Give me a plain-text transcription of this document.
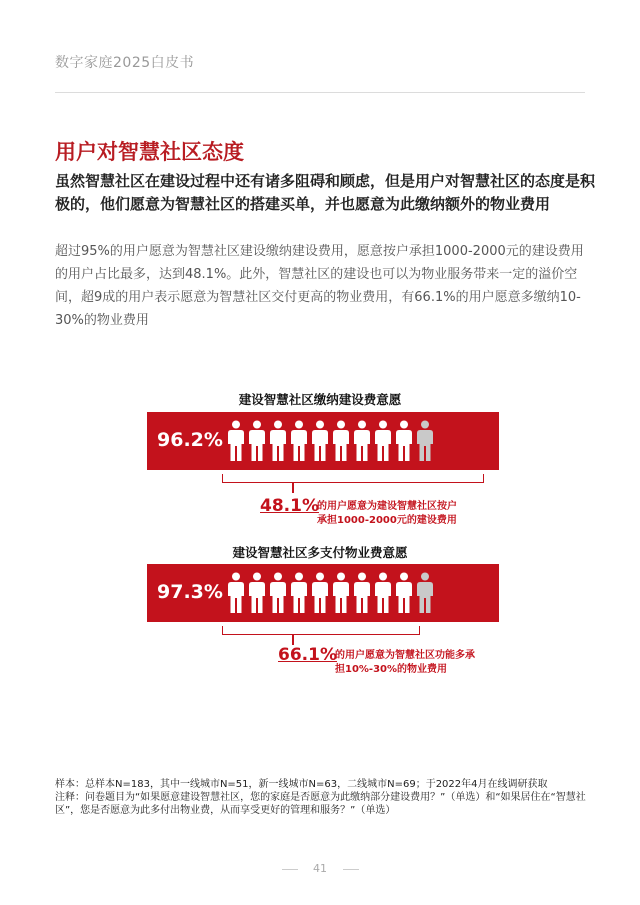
数字家庭2025白皮书
用户对智慧社区态度
虽然智慧社区在建设过程中还有诸多阻碍和顾虑，但是用户对智慧社区的态度是积极的，他们愿意为智慧社区的搭建买单，并也愿意为此缴纳额外的物业费用
超过95%的用户愿意为智慧社区建设缴纳建设费用，愿意按户承担1000-2000元的建设费用的用户占比最多，达到48.1%。此外，智慧社区的建设也可以为物业服务带来一定的溢价空间，超9成的用户表示愿意为智慧社区交付更高的物业费用，有66.1%的用户愿意多缴纳10-30%的物业费用
建设智慧社区缴纳建设费意愿
96.2%
48.1%
的用户愿意为建设智慧社区按户
承担1000-2000元的建设费用
建设智慧社区多支付物业费意愿
97.3%
66.1%
的用户愿意为智慧社区功能多承
担10%-30%的物业费用
样本：总样本N=183，其中一线城市N=51，新一线城市N=63，二线城市N=69；于2022年4月在线调研获取
注释：问卷题目为“如果愿意建设智慧社区，您的家庭是否愿意为此缴纳部分建设费用？”（单选）和“如果居住在“智慧社区”，您是否愿意为此多付出物业费，从而享受更好的管理和服务？”（单选）
41
